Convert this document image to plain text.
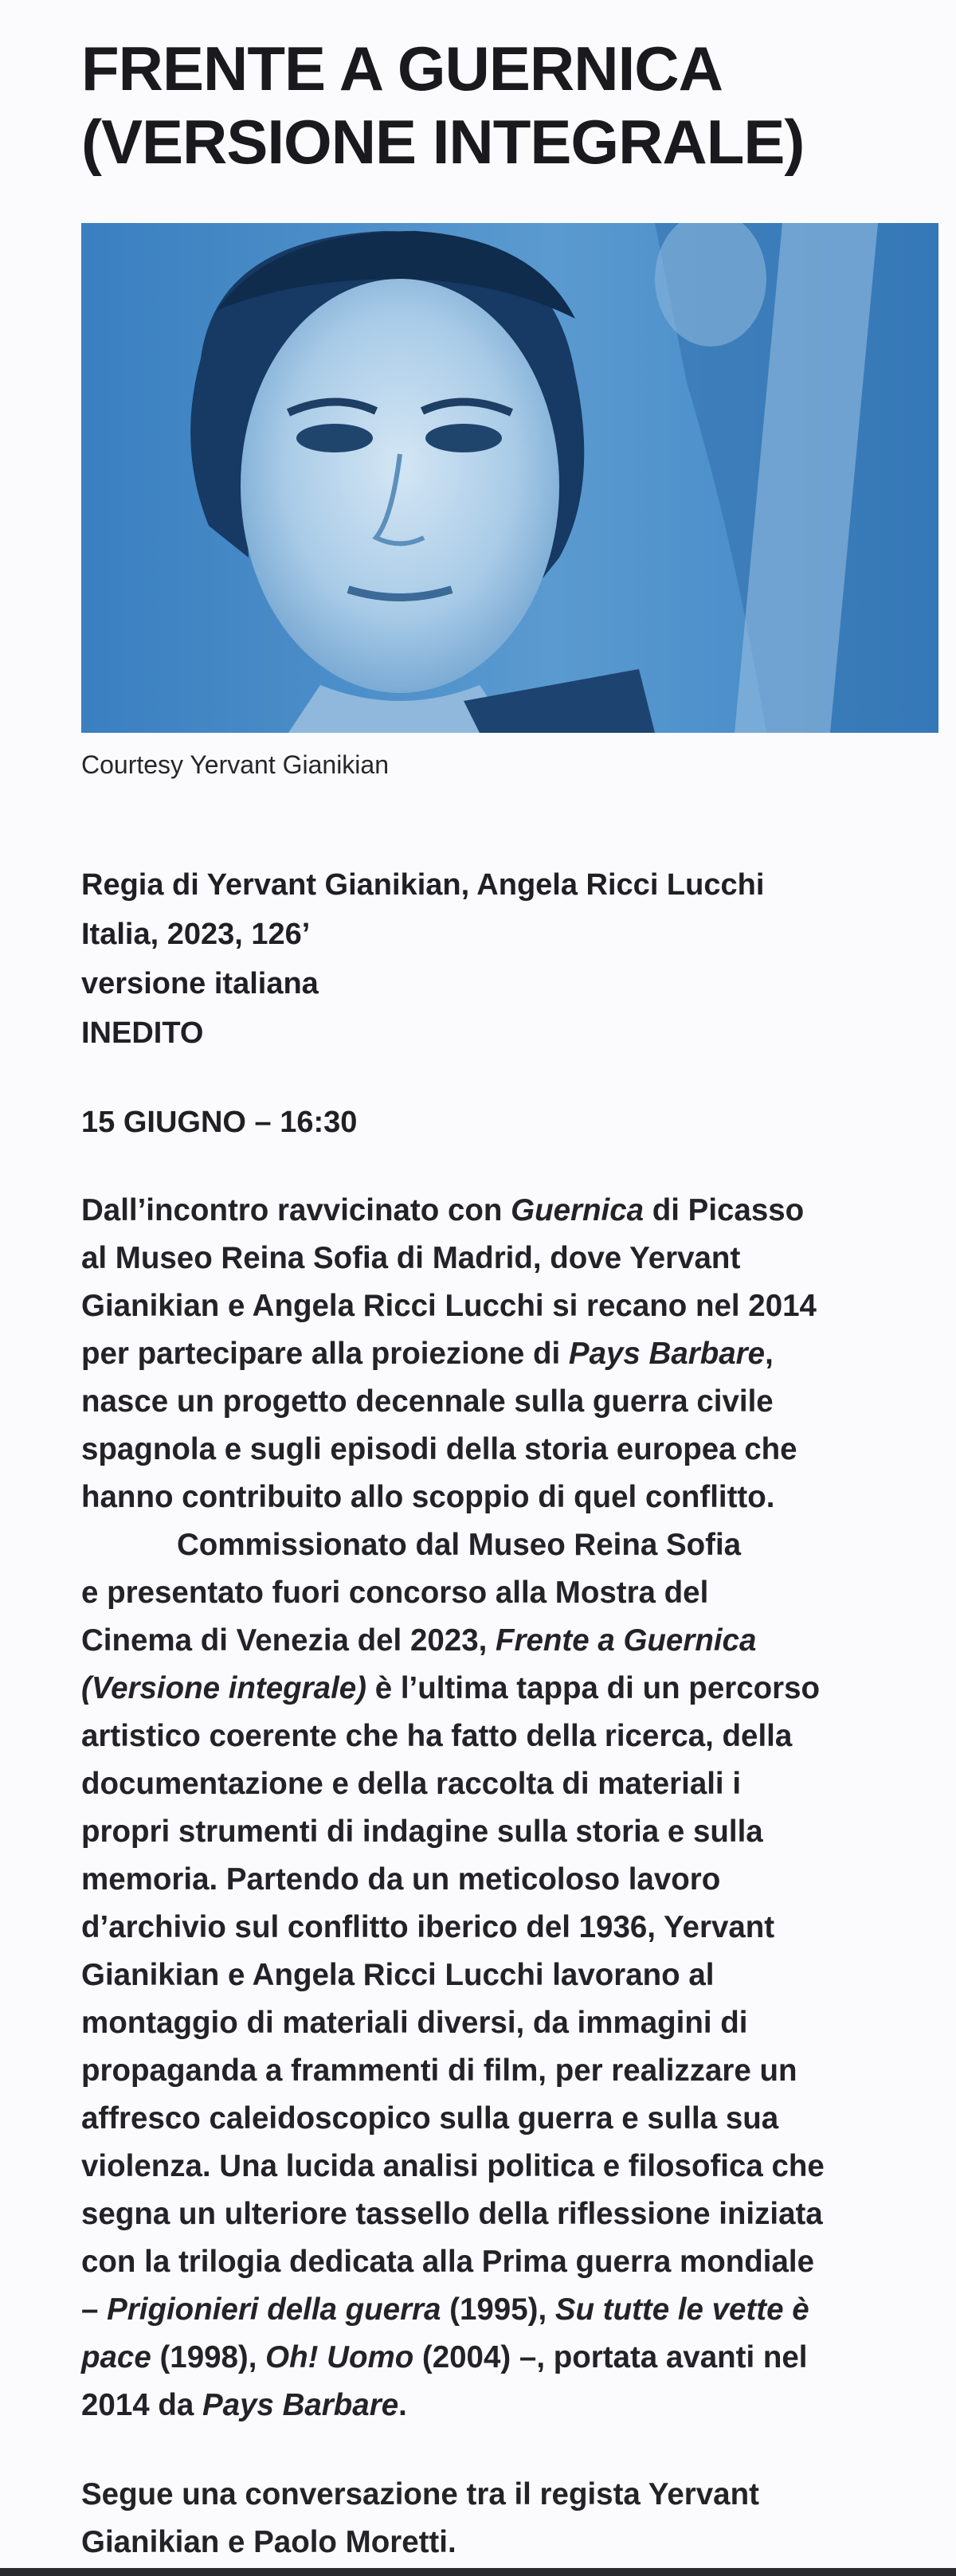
FRENTE A GUERNICA
(VERSIONE INTEGRALE)
Courtesy Yervant Gianikian
Regia di Yervant Gianikian, Angela Ricci Lucchi
Italia, 2023, 126’
versione italiana
INEDITO
15 GIUGNO – 16:30
Dall’incontro ravvicinato con Guernica di Picasso
al Museo Reina Sofia di Madrid, dove Yervant
Gianikian e Angela Ricci Lucchi si recano nel 2014
per partecipare alla proiezione di Pays Barbare,
nasce un progetto decennale sulla guerra civile
spagnola e sugli episodi della storia europea che
hanno contribuito allo scoppio di quel conflitto.
Commissionato dal Museo Reina Sofia
e presentato fuori concorso alla Mostra del
Cinema di Venezia del 2023, Frente a Guernica
(Versione integrale) è l’ultima tappa di un percorso
artistico coerente che ha fatto della ricerca, della
documentazione e della raccolta di materiali i
propri strumenti di indagine sulla storia e sulla
memoria. Partendo da un meticoloso lavoro
d’archivio sul conflitto iberico del 1936, Yervant
Gianikian e Angela Ricci Lucchi lavorano al
montaggio di materiali diversi, da immagini di
propaganda a frammenti di film, per realizzare un
affresco caleidoscopico sulla guerra e sulla sua
violenza. Una lucida analisi politica e filosofica che
segna un ulteriore tassello della riflessione iniziata
con la trilogia dedicata alla Prima guerra mondiale
– Prigionieri della guerra (1995), Su tutte le vette è
pace (1998), Oh! Uomo (2004) –, portata avanti nel
2014 da Pays Barbare.
Segue una conversazione tra il regista Yervant
Gianikian e Paolo Moretti.
